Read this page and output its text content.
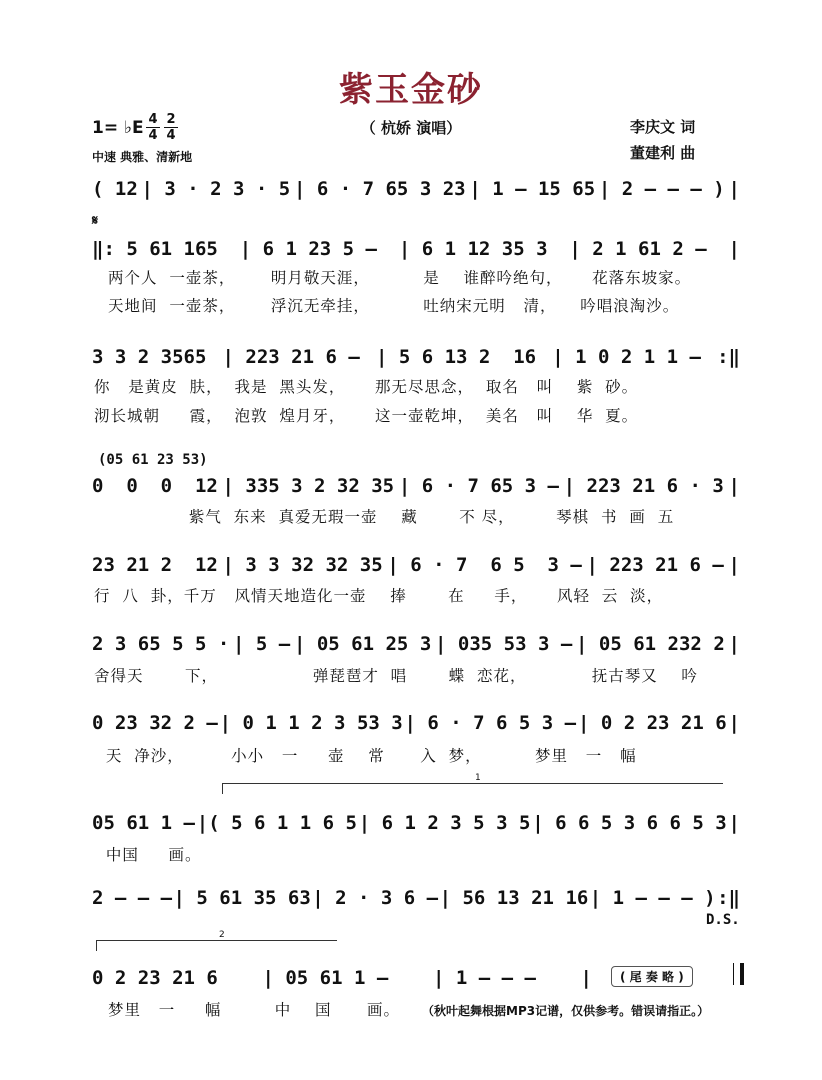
紫玉金砂
（ 杭娇 演唱）
1= ♭E 4
4
2
4
中速 典雅、清新地
李庆文 词
董建利 曲
( 12 | 3 · 2 3 · 5 | 6 · 7 65 3 23 | 1 – 15 65 | 2 – – – ) |
𝄋
‖: 5 61 165 | 6 1 23 5 – | 6 1 12 35 3 | 2 1 61 2 – |
两个人  一壶茶，      明月敬天涯，         是    谁醉吟绝句，     花落东坡家。
天地间  一壶茶，      浮沉无牵挂，         吐纳宋元明   清，    吟唱浪淘沙。
3 3 2 3565 | 223 21 6 – | 5 6 13 2  16 | 1 0 2 1 1 – :‖
你   是黄皮  肤，  我是  黑头发，     那无尽思念，  取名   叫    紫  砂。
沏长城朝     霞，  泡敦  煌月牙，     这一壶乾坤，  美名   叫    华  夏。
(05 61 23 53)
0  0  0  12 | 335 3 2 32 35 | 6 · 7 65 3 – | 223 21 6 · 3 |
紫气  东来  真爱无瑕一壶    藏       不 尽，       琴棋  书  画  五
23 21 2  12 | 3 3 32 32 35 | 6 · 7  6 5  3 – | 223 21 6 – |
行  八  卦，千万   风情天地造化一壶    捧       在     手，     风轻  云  淡，
2 3 65 5 5 · | 5 – | 05 61 25 3 | 035 53 3 – | 05 61 232 2 |
舍得天       下，                弹琵琶才  唱       蝶  恋花，           抚古琴又    吟
0 23 32 2 – | 0 1 1 2 3 53 3 | 6 · 7 6 5 3 – | 0 2 23 21 6 |
天  净沙，        小小   一     壶    常      入  梦，         梦里   一   幅
1
05 61 1 – |( 5 6 1 1 6 5 | 6 1 2 3 5 3 5 | 6 6 5 3 6 6 5 3 |
中国     画。
2 – – – | 5 61 35 63 | 2 · 3 6 – | 56 13 21 16 | 1 – – – ) :‖
D.S.
2
0 2 23 21 6 | 05 61 1 – | 1 – – – |	( 尾 奏 略 )
梦里   一     幅         中    国      画。	（秋叶起舞根据MP3记谱，仅供参考。错误请指正。）
